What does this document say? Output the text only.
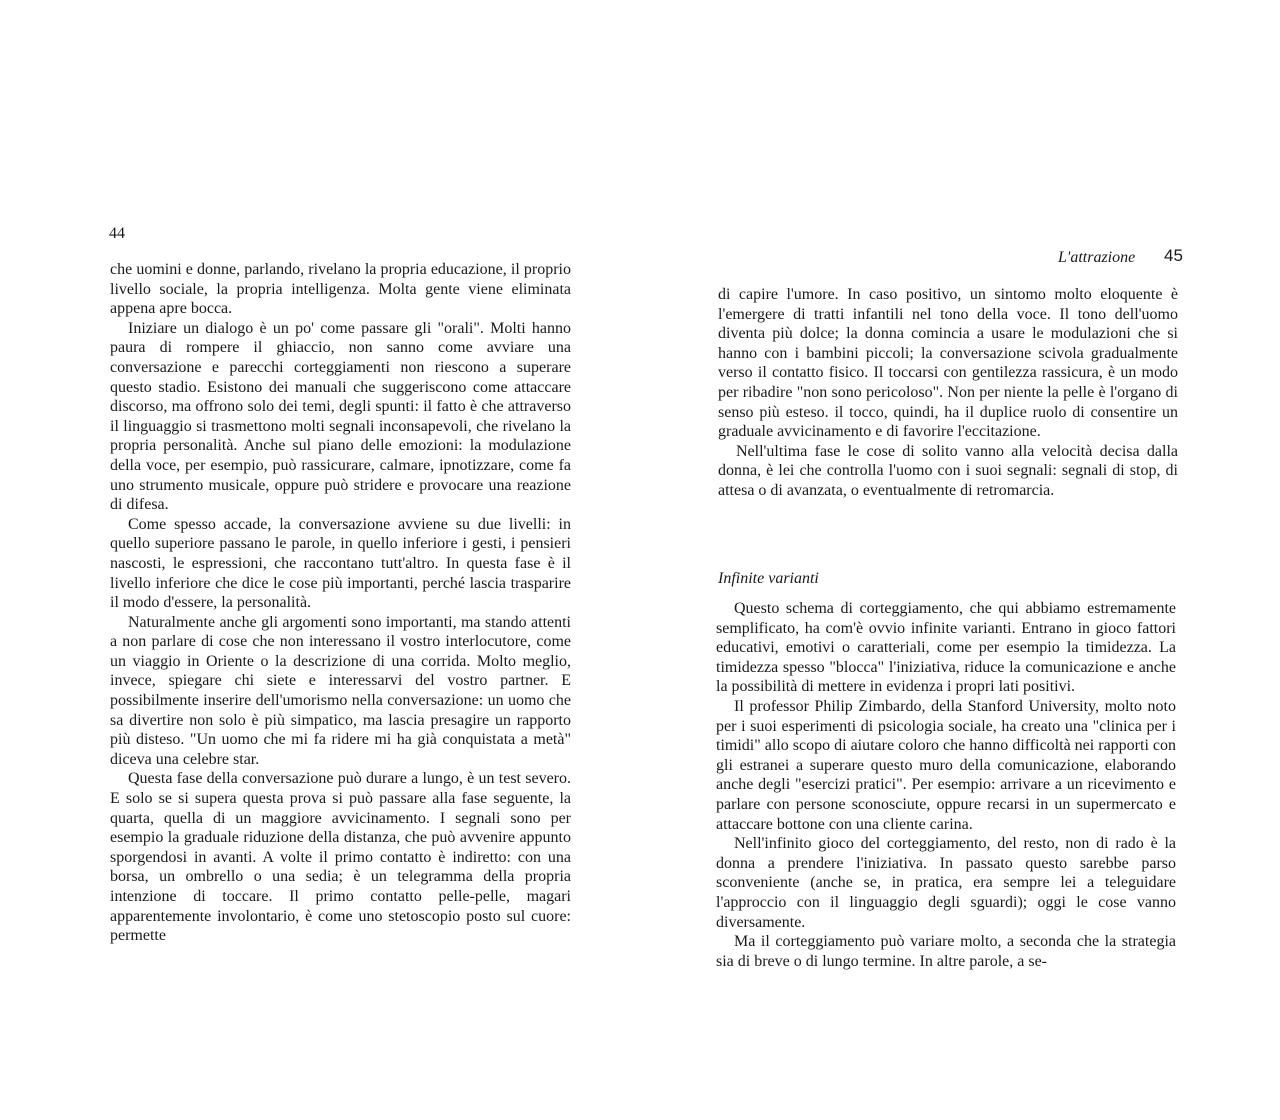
44

che uomini e donne, parlando, rivelano la propria educazione, il proprio livello sociale, la propria intelligenza. Molta gente viene eliminata appena apre bocca.

Iniziare un dialogo è un po' come passare gli "orali". Molti hanno paura di rompere il ghiaccio, non sanno come avviare una conversazione e parecchi corteggiamenti non riescono a superare questo stadio. Esistono dei manuali che suggeriscono come attaccare discorso, ma offrono solo dei temi, degli spunti: il fatto è che attraverso il linguaggio si trasmettono molti segnali inconsapevoli, che rivelano la propria personalità. Anche sul piano delle emozioni: la modulazione della voce, per esempio, può rassicurare, calmare, ipnotizzare, come fa uno strumento musicale, oppure può stridere e provocare una reazione di difesa.

Come spesso accade, la conversazione avviene su due livelli: in quello superiore passano le parole, in quello inferiore i gesti, i pensieri nascosti, le espressioni, che raccontano tutt'altro. In questa fase è il livello inferiore che dice le cose più importanti, perché lascia trasparire il modo d'essere, la personalità.

Naturalmente anche gli argomenti sono importanti, ma stando attenti a non parlare di cose che non interessano il vostro interlocutore, come un viaggio in Oriente o la descrizione di una corrida. Molto meglio, invece, spiegare chi siete e interessarvi del vostro partner. E possibilmente inserire dell'umorismo nella conversazione: un uomo che sa divertire non solo è più simpatico, ma lascia presagire un rapporto più disteso. "Un uomo che mi fa ridere mi ha già conquistata a metà" diceva una celebre star.

Questa fase della conversazione può durare a lungo, è un test severo. E solo se si supera questa prova si può passare alla fase seguente, la quarta, quella di un maggiore avvicinamento. I segnali sono per esempio la graduale riduzione della distanza, che può avvenire appunto sporgendosi in avanti. A volte il primo contatto è indiretto: con una borsa, un ombrello o una sedia; è un telegramma della propria intenzione di toccare. Il primo contatto pelle-pelle, magari apparentemente involontario, è come uno stetoscopio posto sul cuore: permette

L'attrazione 45

di capire l'umore. In caso positivo, un sintomo molto eloquente è l'emergere di tratti infantili nel tono della voce. Il tono dell'uomo diventa più dolce; la donna comincia a usare le modulazioni che si hanno con i bambini piccoli; la conversazione scivola gradualmente verso il contatto fisico. Il toccarsi con gentilezza rassicura, è un modo per ribadire "non sono pericoloso". Non per niente la pelle è l'organo di senso più esteso. il tocco, quindi, ha il duplice ruolo di consentire un graduale avvicinamento e di favorire l'eccitazione.

Nell'ultima fase le cose di solito vanno alla velocità decisa dalla donna, è lei che controlla l'uomo con i suoi segnali: segnali di stop, di attesa o di avanzata, o eventualmente di retromarcia.

Infinite varianti

Questo schema di corteggiamento, che qui abbiamo estremamente semplificato, ha com'è ovvio infinite varianti. Entrano in gioco fattori educativi, emotivi o caratteriali, come per esempio la timidezza. La timidezza spesso "blocca" l'iniziativa, riduce la comunicazione e anche la possibilità di mettere in evidenza i propri lati positivi.

Il professor Philip Zimbardo, della Stanford University, molto noto per i suoi esperimenti di psicologia sociale, ha creato una "clinica per i timidi" allo scopo di aiutare coloro che hanno difficoltà nei rapporti con gli estranei a superare questo muro della comunicazione, elaborando anche degli "esercizi pratici". Per esempio: arrivare a un ricevimento e parlare con persone sconosciute, oppure recarsi in un supermercato e attaccare bottone con una cliente carina.

Nell'infinito gioco del corteggiamento, del resto, non di rado è la donna a prendere l'iniziativa. In passato questo sarebbe parso sconveniente (anche se, in pratica, era sempre lei a teleguidare l'approccio con il linguaggio degli sguardi); oggi le cose vanno diversamente.

Ma il corteggiamento può variare molto, a seconda che la strategia sia di breve o di lungo termine. In altre parole, a se-
